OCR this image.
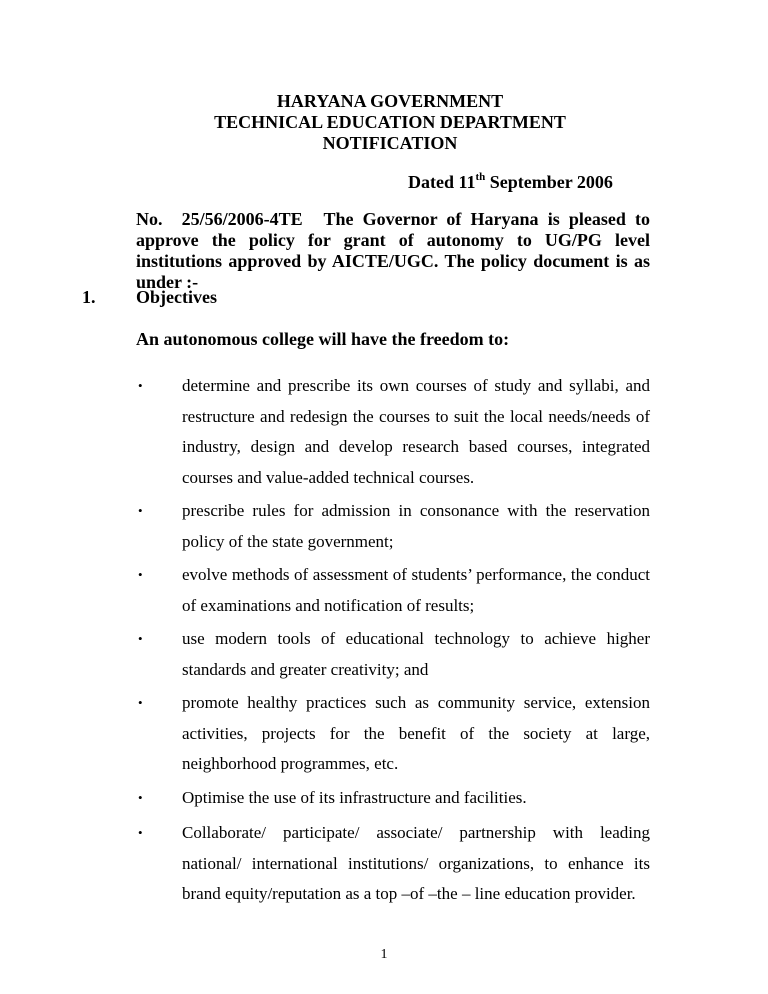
HARYANA GOVERNMENT
TECHNICAL EDUCATION DEPARTMENT
NOTIFICATION
Dated 11th September 2006
No. 25/56/2006-4TE The Governor of Haryana is pleased to approve the policy for grant of autonomy to UG/PG level institutions approved by AICTE/UGC. The policy document is as under :-
1. Objectives
An autonomous college will have the freedom to:
• determine and prescribe its own courses of study and syllabi, and restructure and redesign the courses to suit the local needs/needs of industry, design and develop research based courses, integrated courses and value-added technical courses.
• prescribe rules for admission in consonance with the reservation policy of the state government;
• evolve methods of assessment of students’ performance, the conduct of examinations and notification of results;
• use modern tools of educational technology to achieve higher standards and greater creativity; and
• promote healthy practices such as community service, extension activities, projects for the benefit of the society at large, neighborhood programmes, etc.
• Optimise the use of its infrastructure and facilities.
• Collaborate/ participate/ associate/ partnership with leading national/ international institutions/ organizations, to enhance its brand equity/reputation as a top –of –the – line education provider.
1
